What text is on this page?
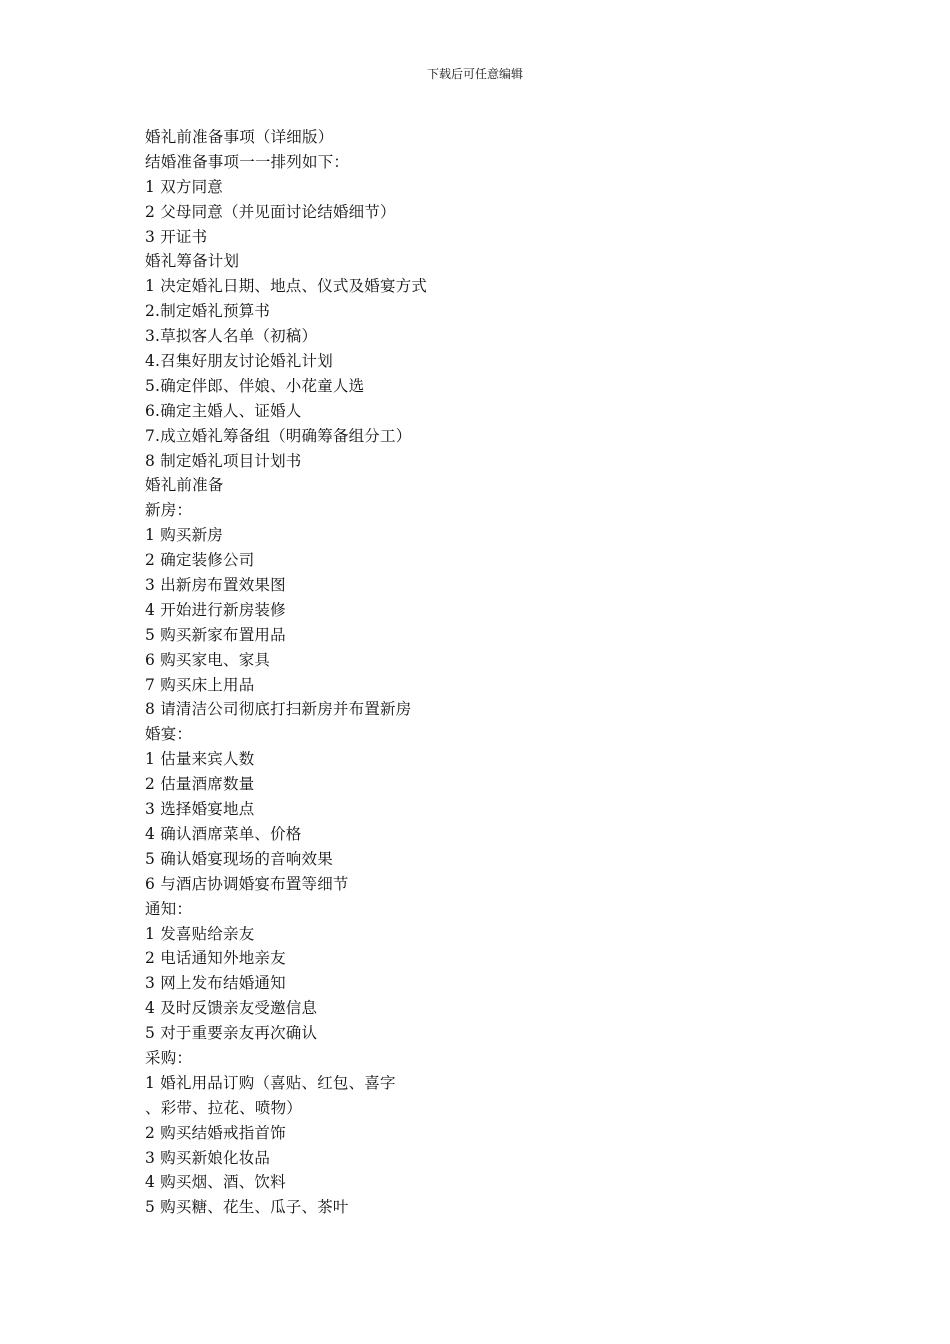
下载后可任意编辑
婚礼前准备事项（详细版）
结婚准备事项一一排列如下：
1 双方同意
2 父母同意（并见面讨论结婚细节）
3 开证书
婚礼筹备计划
1 决定婚礼日期、地点、仪式及婚宴方式
2.制定婚礼预算书
3.草拟客人名单（初稿）
4.召集好朋友讨论婚礼计划
5.确定伴郎、伴娘、小花童人选
6.确定主婚人、证婚人
7.成立婚礼筹备组（明确筹备组分工）
8 制定婚礼项目计划书
婚礼前准备
新房：
1 购买新房
2 确定装修公司
3 出新房布置效果图
4 开始进行新房装修
5 购买新家布置用品
6 购买家电、家具
7 购买床上用品
8 请清洁公司彻底打扫新房并布置新房
婚宴：
1 估量来宾人数
2 估量酒席数量
3 选择婚宴地点
4 确认酒席菜单、价格
5 确认婚宴现场的音响效果
6 与酒店协调婚宴布置等细节
通知：
1 发喜贴给亲友
2 电话通知外地亲友
3 网上发布结婚通知
4 及时反馈亲友受邀信息
5 对于重要亲友再次确认
采购：
1 婚礼用品订购（喜贴、红包、喜字
、彩带、拉花、喷物）
2 购买结婚戒指首饰
3 购买新娘化妆品
4 购买烟、酒、饮料
5 购买糖、花生、瓜子、茶叶
